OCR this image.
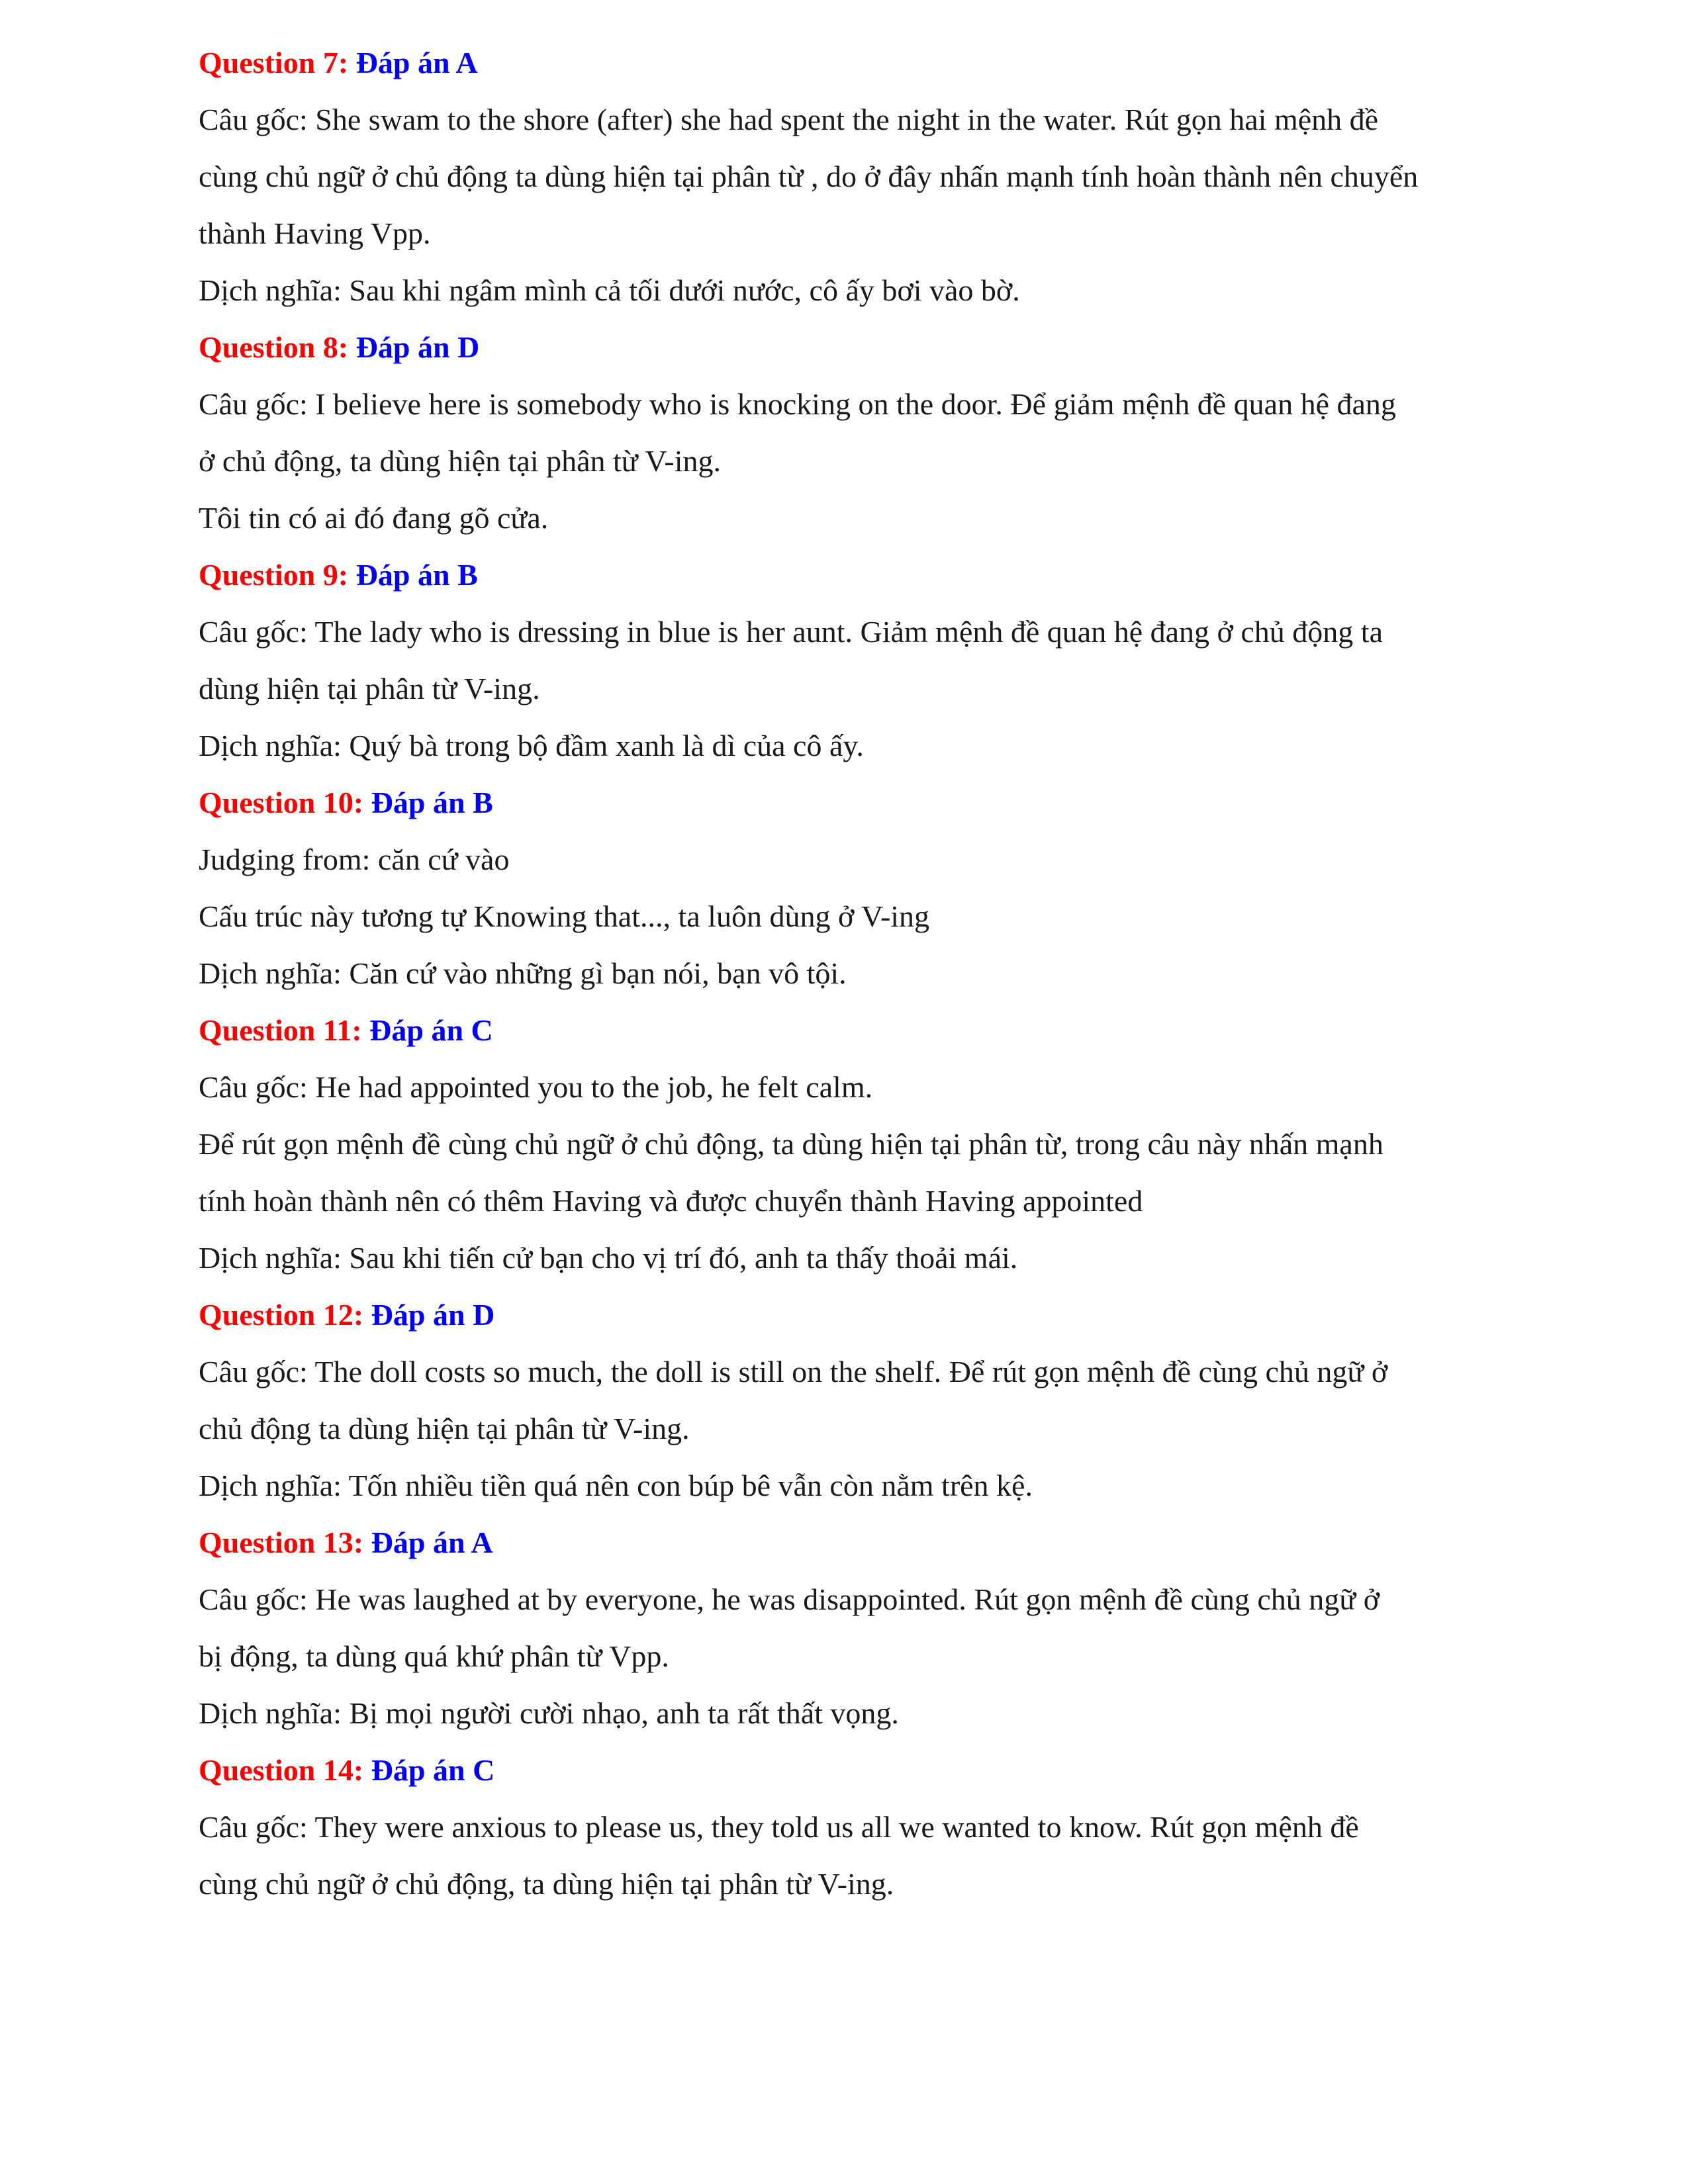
Question 7: Đáp án A
Câu gốc: She swam to the shore (after) she had spent the night in the water. Rút gọn hai mệnh đề
cùng chủ ngữ ở chủ động ta dùng hiện tại phân từ , do ở đây nhấn mạnh tính hoàn thành nên chuyển
thành Having Vpp.
Dịch nghĩa: Sau khi ngâm mình cả tối dưới nước, cô ấy bơi vào bờ.
Question 8: Đáp án D
Câu gốc: I believe here is somebody who is knocking on the door. Để giảm mệnh đề quan hệ đang
ở chủ động, ta dùng hiện tại phân từ V-ing.
Tôi tin có ai đó đang gõ cửa.
Question 9: Đáp án B
Câu gốc: The lady who is dressing in blue is her aunt. Giảm mệnh đề quan hệ đang ở chủ động ta
dùng hiện tại phân từ V-ing.
Dịch nghĩa: Quý bà trong bộ đầm xanh là dì của cô ấy.
Question 10: Đáp án B
Judging from: căn cứ vào
Cấu trúc này tương tự Knowing that..., ta luôn dùng ở V-ing
Dịch nghĩa: Căn cứ vào những gì bạn nói, bạn vô tội.
Question 11: Đáp án C
Câu gốc: He had appointed you to the job, he felt calm.
Để rút gọn mệnh đề cùng chủ ngữ ở chủ động, ta dùng hiện tại phân từ, trong câu này nhấn mạnh
tính hoàn thành nên có thêm Having và được chuyển thành Having appointed
Dịch nghĩa: Sau khi tiến cử bạn cho vị trí đó, anh ta thấy thoải mái.
Question 12: Đáp án D
Câu gốc: The doll costs so much, the doll is still on the shelf. Để rút gọn mệnh đề cùng chủ ngữ ở
chủ động ta dùng hiện tại phân từ V-ing.
Dịch nghĩa: Tốn nhiều tiền quá nên con búp bê vẫn còn nằm trên kệ.
Question 13: Đáp án A
Câu gốc: He was laughed at by everyone, he was disappointed. Rút gọn mệnh đề cùng chủ ngữ ở
bị động, ta dùng quá khứ phân từ Vpp.
Dịch nghĩa: Bị mọi người cười nhạo, anh ta rất thất vọng.
Question 14: Đáp án C
Câu gốc: They were anxious to please us, they told us all we wanted to know. Rút gọn mệnh đề
cùng chủ ngữ ở chủ động, ta dùng hiện tại phân từ V-ing.
